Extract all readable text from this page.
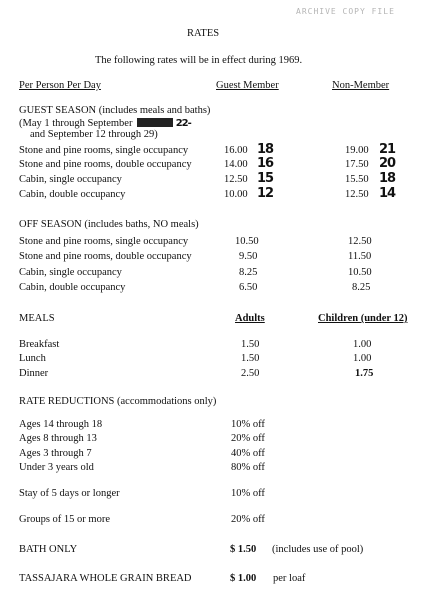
ARCHIVE COPY FILE
RATES
The following rates will be in effect during 1969.
Per Person Per Day	Guest Member	Non-Member
GUEST SEASON (includes meals and baths)
(May 1 through September	22-
and September 12 through 29)
Stone and pine rooms, single occupancy	16.00 18	19.00 21
Stone and pine rooms, double occupancy	14.00 16	17.50 20
Cabin, single occupancy	12.50 15	15.50 18
Cabin, double occupancy	10.00 12	12.50 14
OFF SEASON (includes baths, NO meals)
Stone and pine rooms, single occupancy	10.50	12.50
Stone and pine rooms, double occupancy	9.50	11.50
Cabin, single occupancy	8.25	10.50
Cabin, double occupancy	6.50	8.25
MEALS	Adults	Children (under 12)
Breakfast	1.50	1.00
Lunch	1.50	1.00
Dinner	2.50	1.75
RATE REDUCTIONS (accommodations only)
Ages 14 through 18	10% off
Ages 8 through 13	20% off
Ages 3 through 7	40% off
Under 3 years old	80% off
Stay of 5 days or longer	10% off
Groups of 15 or more	20% off
BATH ONLY	$ 1.50 (includes use of pool)
TASSAJARA WHOLE GRAIN BREAD	$ 1.00 per loaf
